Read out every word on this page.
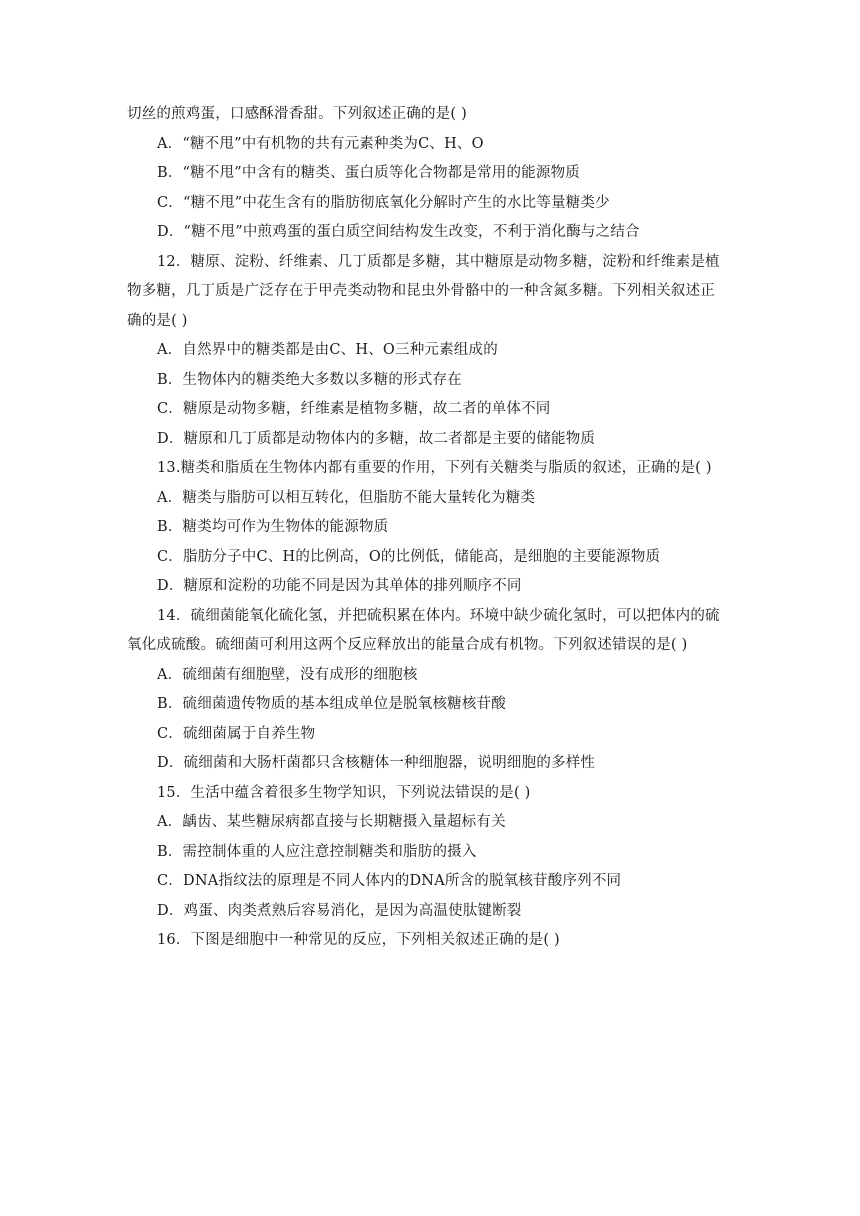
切丝的煎鸡蛋，口感酥滑香甜。下列叙述正确的是( )
A．“糖不甩”中有机物的共有元素种类为C、H、O
B．“糖不甩”中含有的糖类、蛋白质等化合物都是常用的能源物质
C．“糖不甩”中花生含有的脂肪彻底氧化分解时产生的水比等量糖类少
D．“糖不甩”中煎鸡蛋的蛋白质空间结构发生改变，不利于消化酶与之结合
12．糖原、淀粉、纤维素、几丁质都是多糖，其中糖原是动物多糖，淀粉和纤维素是植
物多糖，几丁质是广泛存在于甲壳类动物和昆虫外骨骼中的一种含氮多糖。下列相关叙述正
确的是( )
A．自然界中的糖类都是由C、H、O三种元素组成的
B．生物体内的糖类绝大多数以多糖的形式存在
C．糖原是动物多糖，纤维素是植物多糖，故二者的单体不同
D．糖原和几丁质都是动物体内的多糖，故二者都是主要的储能物质
13.糖类和脂质在生物体内都有重要的作用，下列有关糖类与脂质的叙述，正确的是( )
A．糖类与脂肪可以相互转化，但脂肪不能大量转化为糖类
B．糖类均可作为生物体的能源物质
C．脂肪分子中C、H的比例高，O的比例低，储能高，是细胞的主要能源物质
D．糖原和淀粉的功能不同是因为其单体的排列顺序不同
14．硫细菌能氧化硫化氢，并把硫积累在体内。环境中缺少硫化氢时，可以把体内的硫
氧化成硫酸。硫细菌可利用这两个反应释放出的能量合成有机物。下列叙述错误的是( )
A．硫细菌有细胞壁，没有成形的细胞核
B．硫细菌遗传物质的基本组成单位是脱氧核糖核苷酸
C．硫细菌属于自养生物
D．硫细菌和大肠杆菌都只含核糖体一种细胞器，说明细胞的多样性
15．生活中蕴含着很多生物学知识，下列说法错误的是( )
A．龋齿、某些糖尿病都直接与长期糖摄入量超标有关
B．需控制体重的人应注意控制糖类和脂肪的摄入
C．DNA指纹法的原理是不同人体内的DNA所含的脱氧核苷酸序列不同
D．鸡蛋、肉类煮熟后容易消化，是因为高温使肽键断裂
16．下图是细胞中一种常见的反应，下列相关叙述正确的是( )
